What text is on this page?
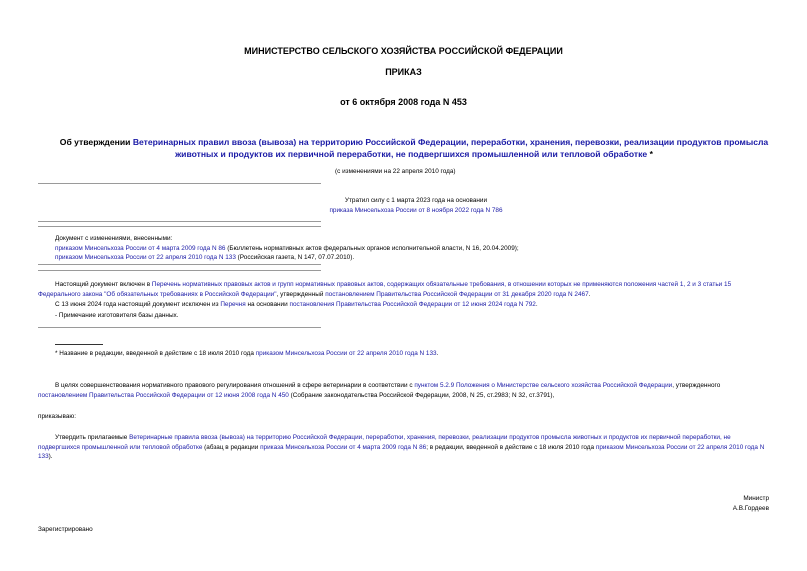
МИНИСТЕРСТВО СЕЛЬСКОГО ХОЗЯЙСТВА РОССИЙСКОЙ ФЕДЕРАЦИИ
ПРИКАЗ
от 6 октября 2008 года N 453
Об утверждении Ветеринарных правил ввоза (вывоза) на территорию Российской Федерации, переработки, хранения, перевозки, реализации продуктов промысла животных и продуктов их первичной переработки, не подвергшихся промышленной или тепловой обработке *
(с изменениями на 22 апреля 2010 года)
Утратил силу с 1 марта 2023 года на основании
приказа Минсельхоза России от 8 ноября 2022 года N 786
Документ с изменениями, внесенными:
приказом Минсельхоза России от 4 марта 2009 года N 86 (Бюллетень нормативных актов федеральных органов исполнительной власти, N 16, 20.04.2009);
приказом Минсельхоза России от 22 апреля 2010 года N 133 (Российская газета, N 147, 07.07.2010).
Настоящий документ включен в Перечень нормативных правовых актов и групп нормативных правовых актов, содержащих обязательные требования, в отношении которых не применяются положения частей 1, 2 и 3 статьи 15 Федерального закона "Об обязательных требованиях в Российской Федерации", утвержденный постановлением Правительства Российской Федерации от 31 декабря 2020 года N 2467.
С 13 июня 2024 года настоящий документ исключен из Перечня на основании постановления Правительства Российской Федерации от 12 июня 2024 года N 792.
- Примечание изготовителя базы данных.
* Название в редакции, введенной в действие с 18 июля 2010 года приказом Минсельхоза России от 22 апреля 2010 года N 133.
В целях совершенствования нормативного правового регулирования отношений в сфере ветеринарии в соответствии с пунктом 5.2.9 Положения о Министерстве сельского хозяйства Российской Федерации, утвержденного постановлением Правительства Российской Федерации от 12 июня 2008 года N 450 (Собрание законодательства Российской Федерации, 2008, N 25, ст.2983; N 32, ст.3791),
приказываю:
Утвердить прилагаемые Ветеринарные правила ввоза (вывоза) на территорию Российской Федерации, переработки, хранения, перевозки, реализации продуктов промысла животных и продуктов их первичной переработки, не подвергшихся промышленной или тепловой обработке (абзац в редакции приказа Минсельхоза России от 4 марта 2009 года N 86; в редакции, введенной в действие с 18 июля 2010 года приказом Минсельхоза России от 22 апреля 2010 года N 133).
Министр
А.В.Гордеев
Зарегистрировано
